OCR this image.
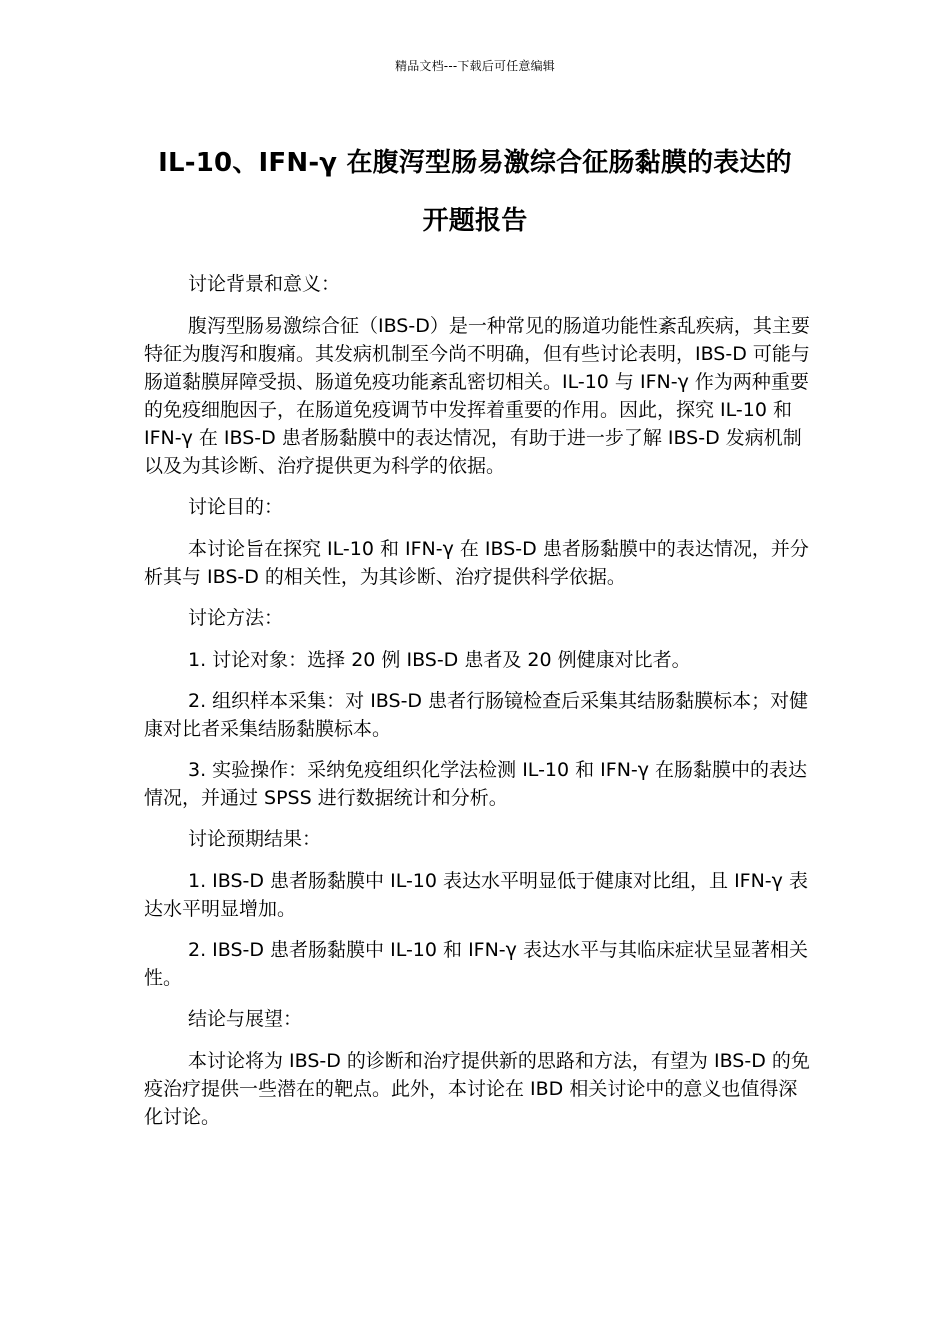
精品文档---下载后可任意编辑
IL-10、IFN-γ 在腹泻型肠易激综合征肠黏膜的表达的
开题报告

讨论背景和意义：

腹泻型肠易激综合征（IBS-D）是一种常见的肠道功能性紊乱疾病，其主要特征为腹泻和腹痛。其发病机制至今尚不明确，但有些讨论表明，IBS-D 可能与肠道黏膜屏障受损、肠道免疫功能紊乱密切相关。IL-10 与 IFN-γ 作为两种重要的免疫细胞因子，在肠道免疫调节中发挥着重要的作用。因此，探究 IL-10 和 IFN-γ 在 IBS-D 患者肠黏膜中的表达情况，有助于进一步了解 IBS-D 发病机制以及为其诊断、治疗提供更为科学的依据。

讨论目的：

本讨论旨在探究 IL-10 和 IFN-γ 在 IBS-D 患者肠黏膜中的表达情况，并分析其与 IBS-D 的相关性，为其诊断、治疗提供科学依据。

讨论方法：

1. 讨论对象：选择 20 例 IBS-D 患者及 20 例健康对比者。

2. 组织样本采集：对 IBS-D 患者行肠镜检查后采集其结肠黏膜标本；对健康对比者采集结肠黏膜标本。

3. 实验操作：采纳免疫组织化学法检测 IL-10 和 IFN-γ 在肠黏膜中的表达情况，并通过 SPSS 进行数据统计和分析。

讨论预期结果：

1. IBS-D 患者肠黏膜中 IL-10 表达水平明显低于健康对比组，且 IFN-γ 表达水平明显增加。

2. IBS-D 患者肠黏膜中 IL-10 和 IFN-γ 表达水平与其临床症状呈显著相关性。

结论与展望：

本讨论将为 IBS-D 的诊断和治疗提供新的思路和方法，有望为 IBS-D 的免疫治疗提供一些潜在的靶点。此外，本讨论在 IBD 相关讨论中的意义也值得深化讨论。
